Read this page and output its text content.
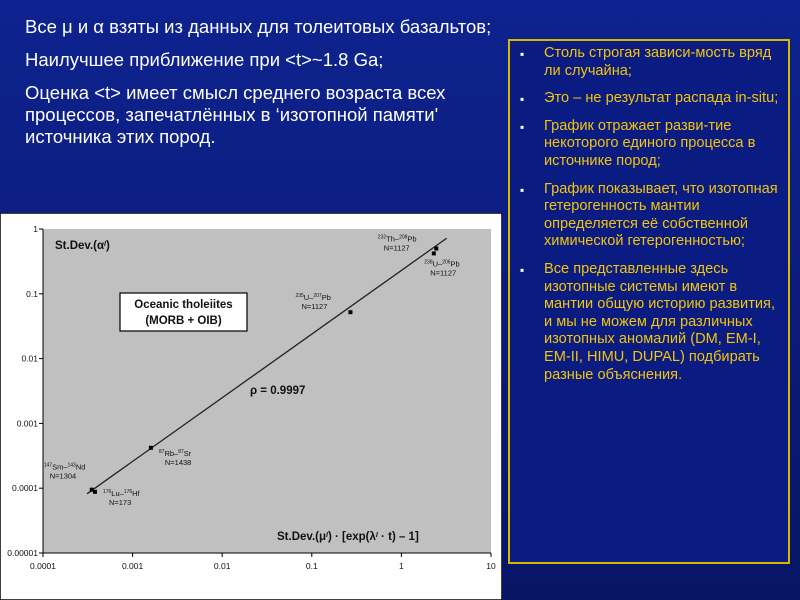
Все μ и α взяты из данных для толеитовых базальтов;

Наилучшее приближение при <t>~1.8 Ga;

Оценка <t> имеет смысл среднего возраста всех процессов, запечатлённых в ‘изотопной памяти' источника этих пород.

▪ Столь строгая зависи-мость вряд ли случайна;
▪ Это – не результат распада in-situ;
▪ График отражает разви-тие некоторого единого процесса в источнике пород;
▪ График показывает, что изотопная гетерогенность мантии определяется её собственной химической гетерогенностью;
▪ Все представленные здесь изотопные системы имеют в мантии общую историю развития, и мы не можем для различных изотопных аномалий (DM, EM-I, EM-II, HIMU, DUPAL) подбирать разные объяснения.
0.0001	0.001	0.01	0.1	1	10
0.00001
0.0001
0.001
0.01
0.1
1
$^{147}$Sm–$^{143}$Nd
N=1304
$^{176}$Lu–$^{176}$Hf
N=173
$^{87}$Rb–$^{87}$Sr
N=1438
$^{235}$U–$^{207}$Pb
N=1127
$^{232}$Th–$^{208}$Pb
N=1127
$^{238}$U–$^{206}$Pb
N=1127
$St.Dev.(\alpha^I)$
$St.Dev.(\mu^I) \cdot [\exp(\lambda^I \cdot t) - 1]$
Oceanic tholeiites
(MORB + OIB)
ρ = 0.9997
